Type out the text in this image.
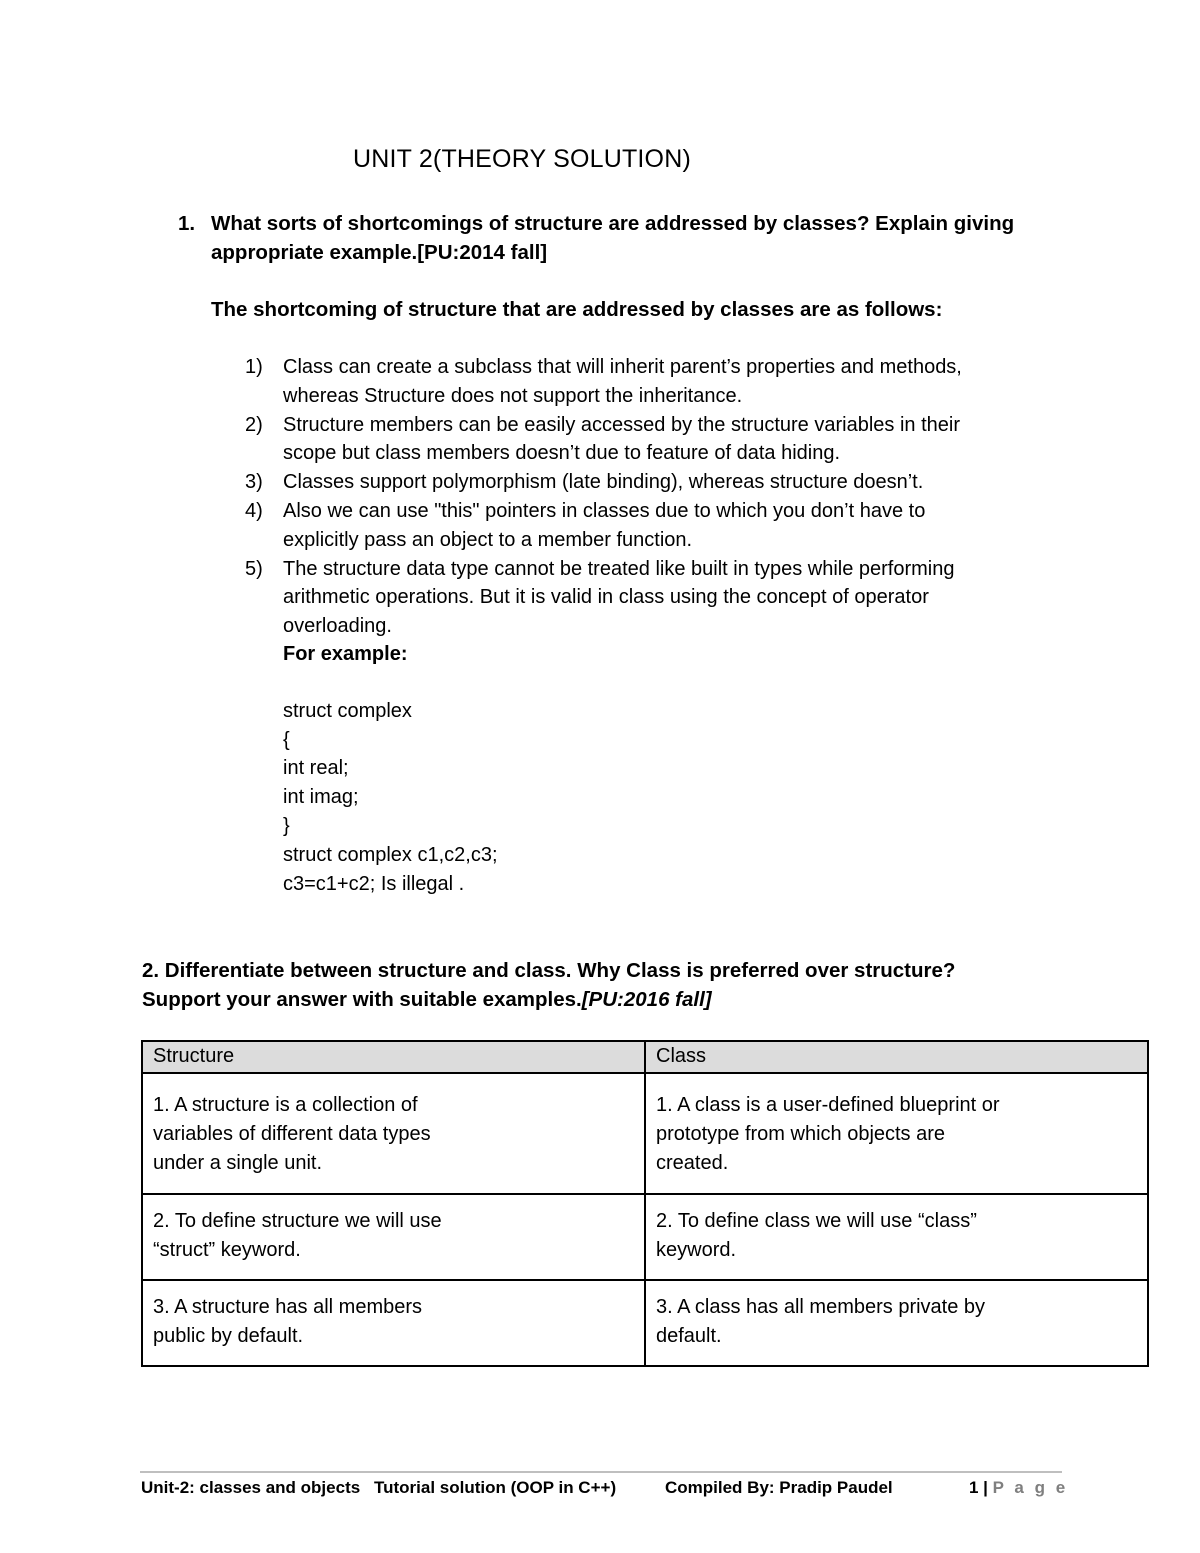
UNIT 2(THEORY SOLUTION)
1. What sorts of shortcomings of structure are addressed by classes? Explain giving
appropriate example.[PU:2014 fall]
The shortcoming of structure that are addressed by classes are as follows:
1)	Class can create a subclass that will inherit parent’s properties and methods,
whereas Structure does not support the inheritance.
2)	Structure members can be easily accessed by the structure variables in their
scope but class members doesn’t due to feature of data hiding.
3)	Classes support polymorphism (late binding), whereas structure doesn’t.
4)	Also we can use "this" pointers in classes due to which you don’t have to
explicitly pass an object to a member function.
5)	The structure data type cannot be treated like built in types while performing
arithmetic operations. But it is valid in class using the concept of operator
overloading.
For example:
struct complex
{
int real;
int imag;
}
struct complex c1,c2,c3;
c3=c1+c2; Is illegal .
2. Differentiate between structure and class. Why Class is preferred over structure?
Support your answer with suitable examples.[PU:2016 fall]
Structure	Class

1. A structure is a collection of
variables of different data types
under a single unit.	1. A class is a user-defined blueprint or
prototype from which objects are
created.

2. To define structure we will use
“struct” keyword.	2. To define class we will use “class”
keyword.

3. A structure has all members
public by default.	3. A class has all members private by
default.
Unit-2: classes and objects Tutorial solution (OOP in C++)	Compiled By: Pradip Paudel	1 | P a g e
